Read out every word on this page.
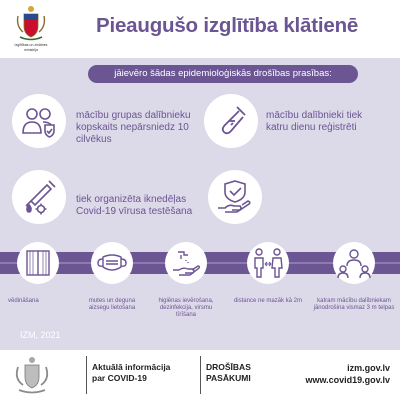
Izglītības un zinātnes
ministrija
Pieaugušo izglītība klātienē
jāievēro šādas epidemioloģiskās drošības prasības:
mācību grupas dalībnieku kopskaits nepārsniedz 10 cilvēkus
mācību dalībnieki tiek katru dienu reģistrēti
tiek organizēta iknedēļas Covid-19 vīrusa testēšana
vēdināšana	mutes un deguna aizsegu lietošana
higiēnas ievērošana, dezinfekcija, virsmu tīrīšana
distance ne mazāk kā 2m	katram mācību dalībniekam jānodrošina vismaz 3 m telpas
IZM, 2021
Aktuālā informācija
par COVID-19
DROŠĪBAS
PASĀKUMI
izm.gov.lv
www.covid19.gov.lv
